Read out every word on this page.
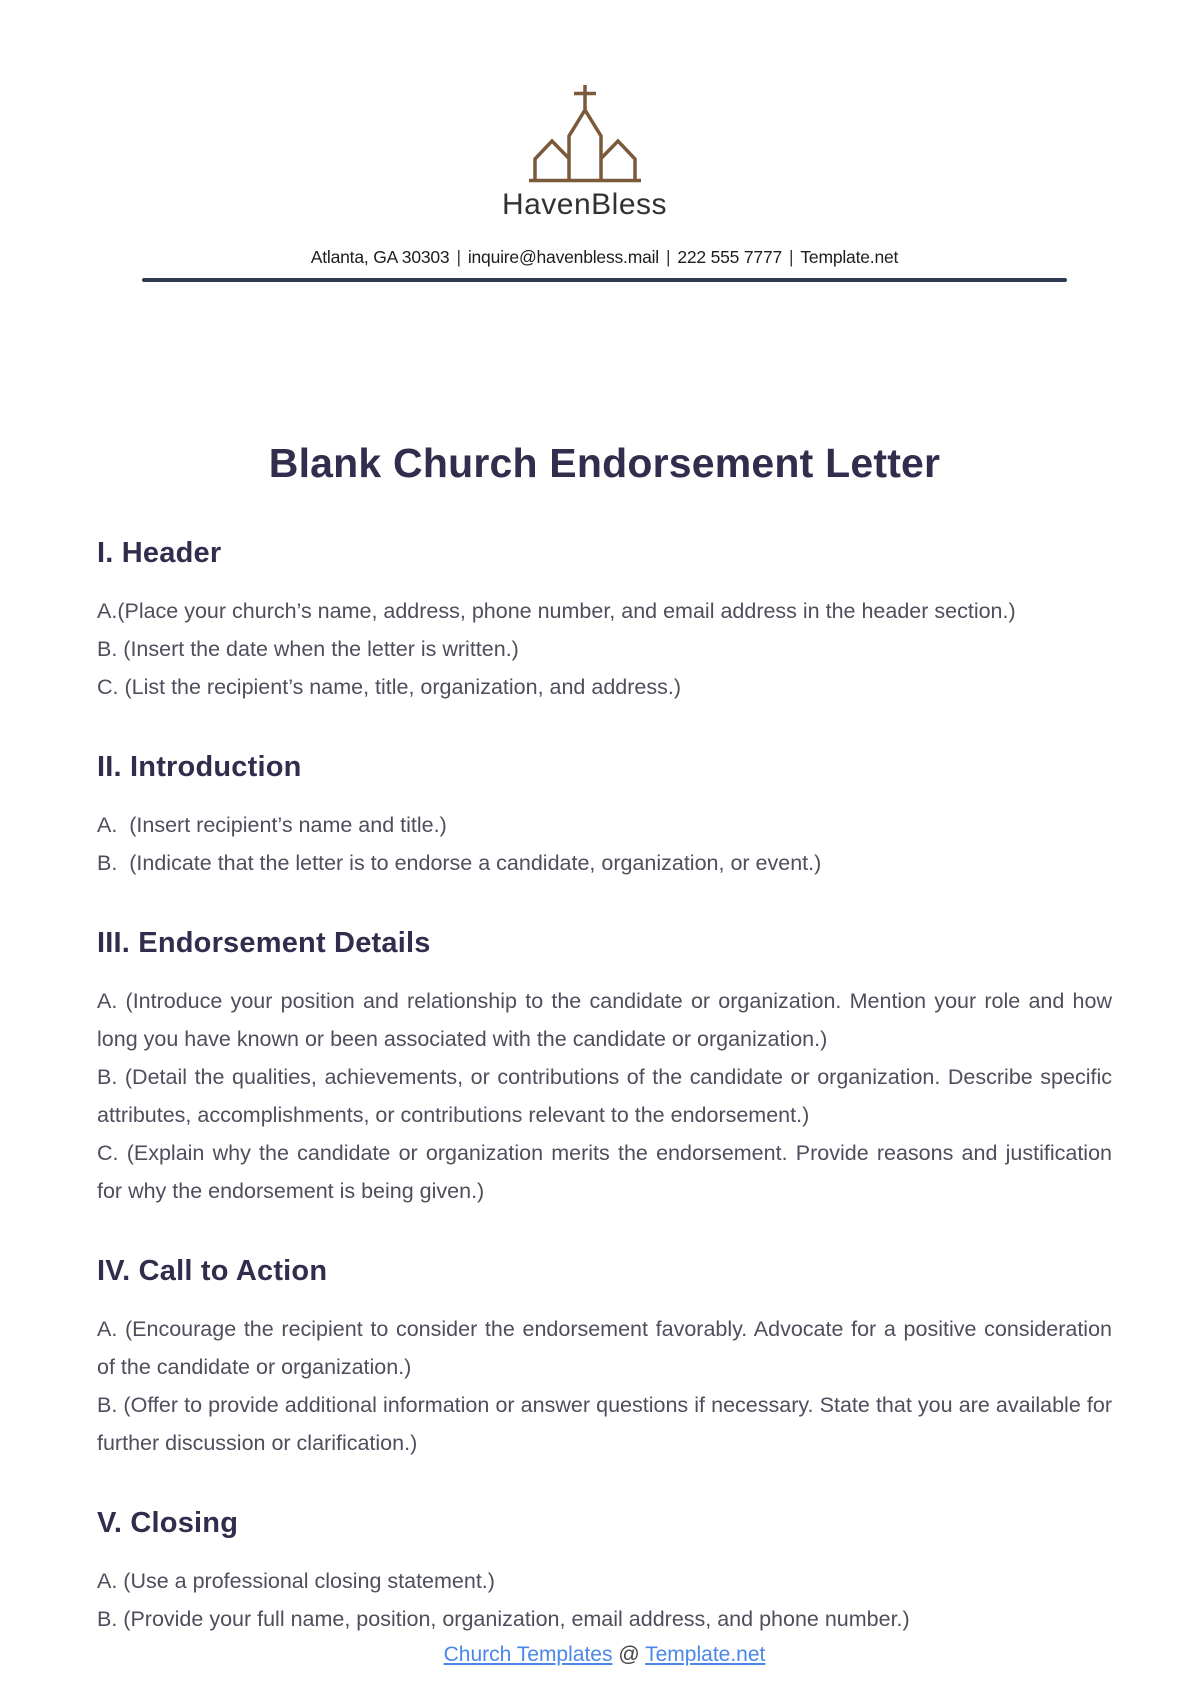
HavenBless
Atlanta, GA 30303 | inquire@havenbless.mail | 222 555 7777 | Template.net
Blank Church Endorsement Letter
I. Header

A.(Place your church’s name, address, phone number, and email address in the header section.)

B. (Insert the date when the letter is written.)

C. (List the recipient’s name, title, organization, and address.)

II. Introduction

A.  (Insert recipient’s name and title.)

B.  (Indicate that the letter is to endorse a candidate, organization, or event.)

III. Endorsement Details

A. (Introduce your position and relationship to the candidate or organization. Mention your role and how long you have known or been associated with the candidate or organization.)

B. (Detail the qualities, achievements, or contributions of the candidate or organization. Describe specific attributes, accomplishments, or contributions relevant to the endorsement.)

C. (Explain why the candidate or organization merits the endorsement. Provide reasons and justification for why the endorsement is being given.)

IV. Call to Action

A. (Encourage the recipient to consider the endorsement favorably. Advocate for a positive consideration of the candidate or organization.)

B. (Offer to provide additional information or answer questions if necessary. State that you are available for further discussion or clarification.)

V. Closing

A. (Use a professional closing statement.)

B. (Provide your full name, position, organization, email address, and phone number.)

Church Templates @ Template.net
